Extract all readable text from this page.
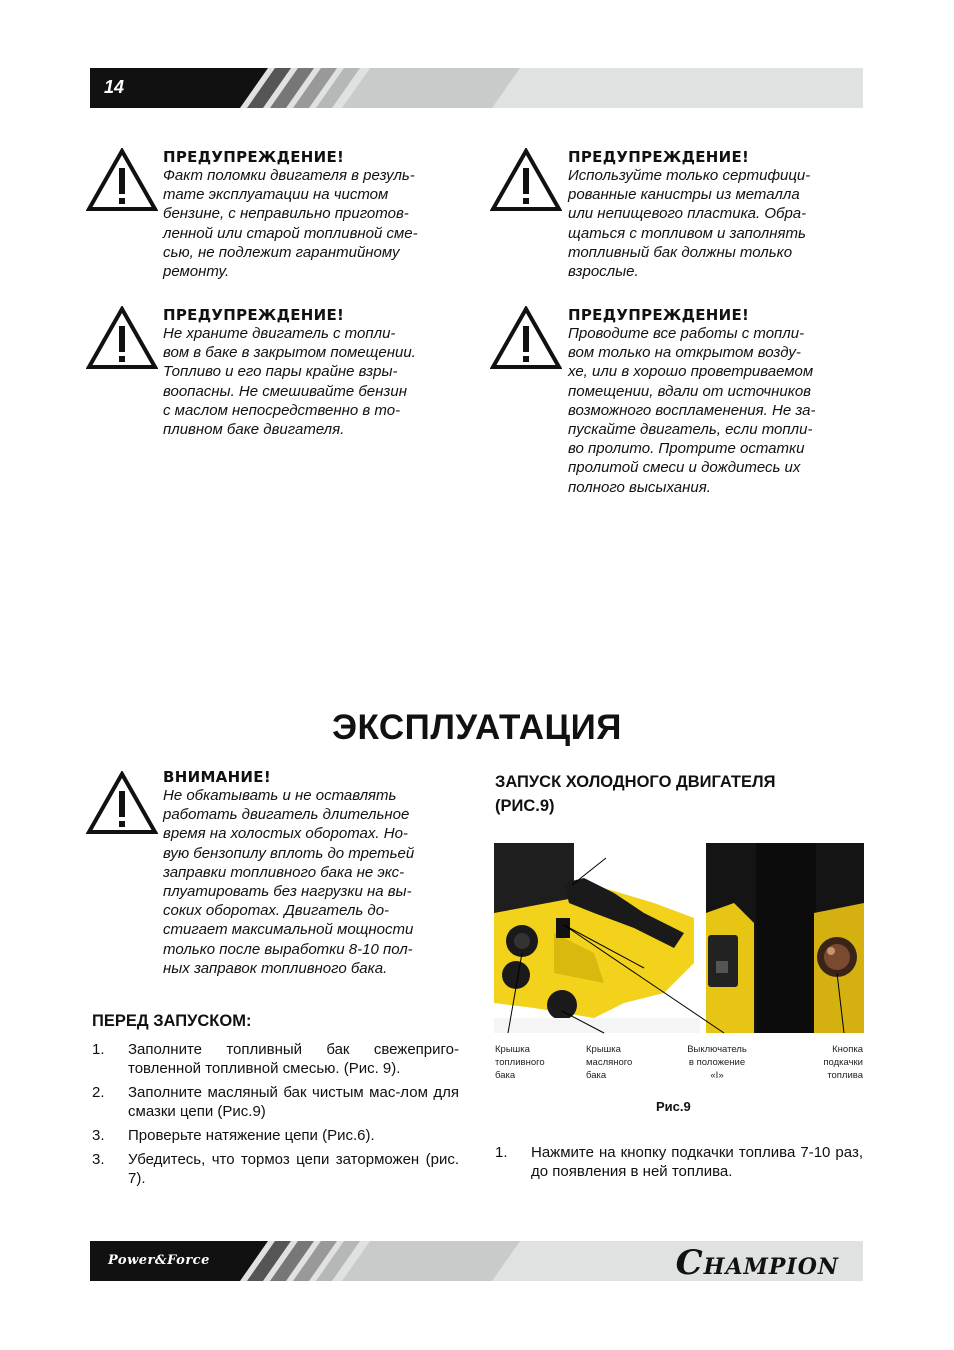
14
ПРЕДУПРЕЖДЕНИЕ!
Факт поломки двигателя в резуль-
тате эксплуатации на чистом
бензине, с неправильно приготов-
ленной или старой топливной сме-
сью, не подлежит гарантийному
ремонту.
ПРЕДУПРЕЖДЕНИЕ!
Используйте только сертифици-
рованные канистры из металла
или непищевого пластика. Обра-
щаться с топливом и заполнять
топливный бак должны только
взрослые.
ПРЕДУПРЕЖДЕНИЕ!
Не храните двигатель с топли-
вом в баке в закрытом помещении.
Топливо и его пары крайне взры-
воопасны. Не смешивайте бензин
с маслом непосредственно в то-
пливном баке двигателя.
ПРЕДУПРЕЖДЕНИЕ!
Проводите все работы с топли-
вом только на открытом возду-
хе, или в хорошо проветриваемом
помещении, вдали от источников
возможного воспламенения. Не за-
пускайте двигатель, если топли-
во пролито. Протрите остатки
пролитой смеси и дождитесь их
полного высыхания.
ЭКСПЛУАТАЦИЯ
ВНИМАНИЕ!
Не обкатывать и не оставлять
работать двигатель длительное
время на холостых оборотах. Но-
вую бензопилу вплоть до третьей
заправки топливного бака не экс-
плуатировать без нагрузки на вы-
соких оборотах. Двигатель до-
стигает максимальной мощности
только после выработки 8-10 пол-
ных заправок топливного бака.
ПЕРЕД ЗАПУСКОМ:
1. Заполните топливный бак свежеприго-товленной топливной смесью. (Рис. 9).
2. Заполните масляный бак чистым мас-лом для смазки цепи (Рис.9)
3. Проверьте натяжение цепи (Рис.6).
3. Убедитесь, что тормоз цепи заторможен (рис. 7).
ЗАПУСК ХОЛОДНОГО ДВИГАТЕЛЯ
(РИС.9)
Крышка
топливного
бака
Крышка
масляного
бака
Выключатель
в положение
«I»
Кнопка
подкачки
топлива
Рис.9
1. Нажмите на кнопку подкачки топлива 7-10 раз, до появления в ней топлива.
Power&Force	CHAMPION
